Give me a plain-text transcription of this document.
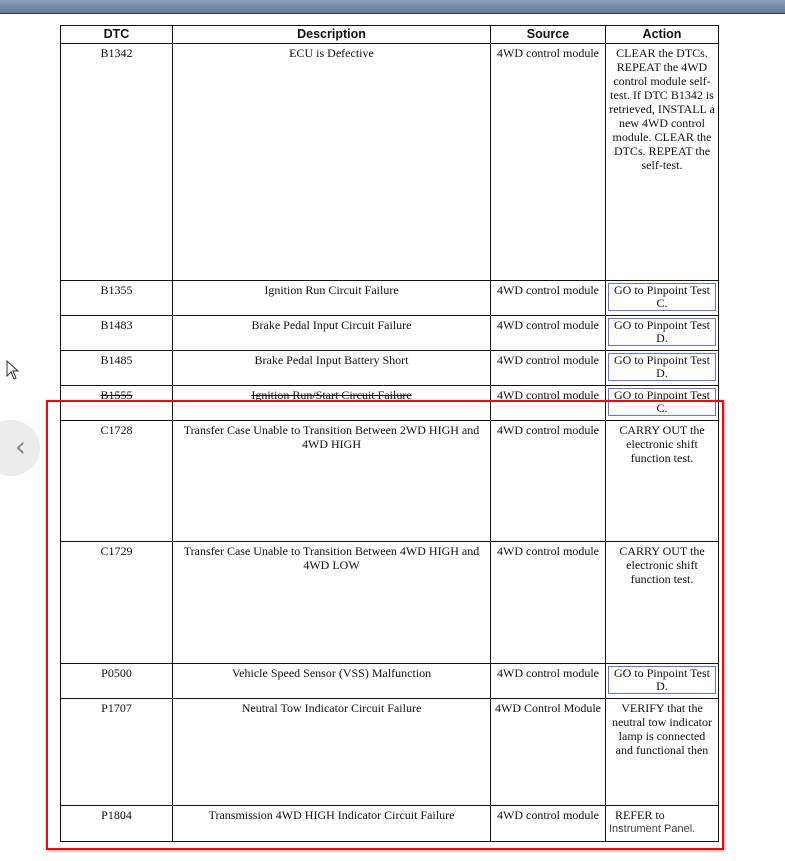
DTC	Description	Source	Action
B1342	ECU is Defective	4WD control module	CLEAR the DTCs. REPEAT the 4WD control module self-test. If DTC B1342 is retrieved, INSTALL a new 4WD control module. CLEAR the DTCs. REPEAT the self-test.
B1355	Ignition Run Circuit Failure	4WD control module	GO to Pinpoint Test C.

B1483	Brake Pedal Input Circuit Failure	4WD control module	GO to Pinpoint Test D.

B1485	Brake Pedal Input Battery Short	4WD control module	GO to Pinpoint Test D.

B1555	Ignition Run/Start Circuit Failure	4WD control module	GO to Pinpoint Test C.

C1728	Transfer Case Unable to Transition Between 2WD HIGH and 4WD HIGH	4WD control module	CARRY OUT the electronic shift function test.
C1729	Transfer Case Unable to Transition Between 4WD HIGH and 4WD LOW	4WD control module	CARRY OUT the electronic shift function test.
P0500	Vehicle Speed Sensor (VSS) Malfunction	4WD control module	GO to Pinpoint Test D.

P1707	Neutral Tow Indicator Circuit Failure	4WD Control Module	VERIFY that the neutral tow indicator lamp is connected and functional then
P1804	Transmission 4WD HIGH Indicator Circuit Failure	4WD control module	REFER to
Instrument Panel.
‹
